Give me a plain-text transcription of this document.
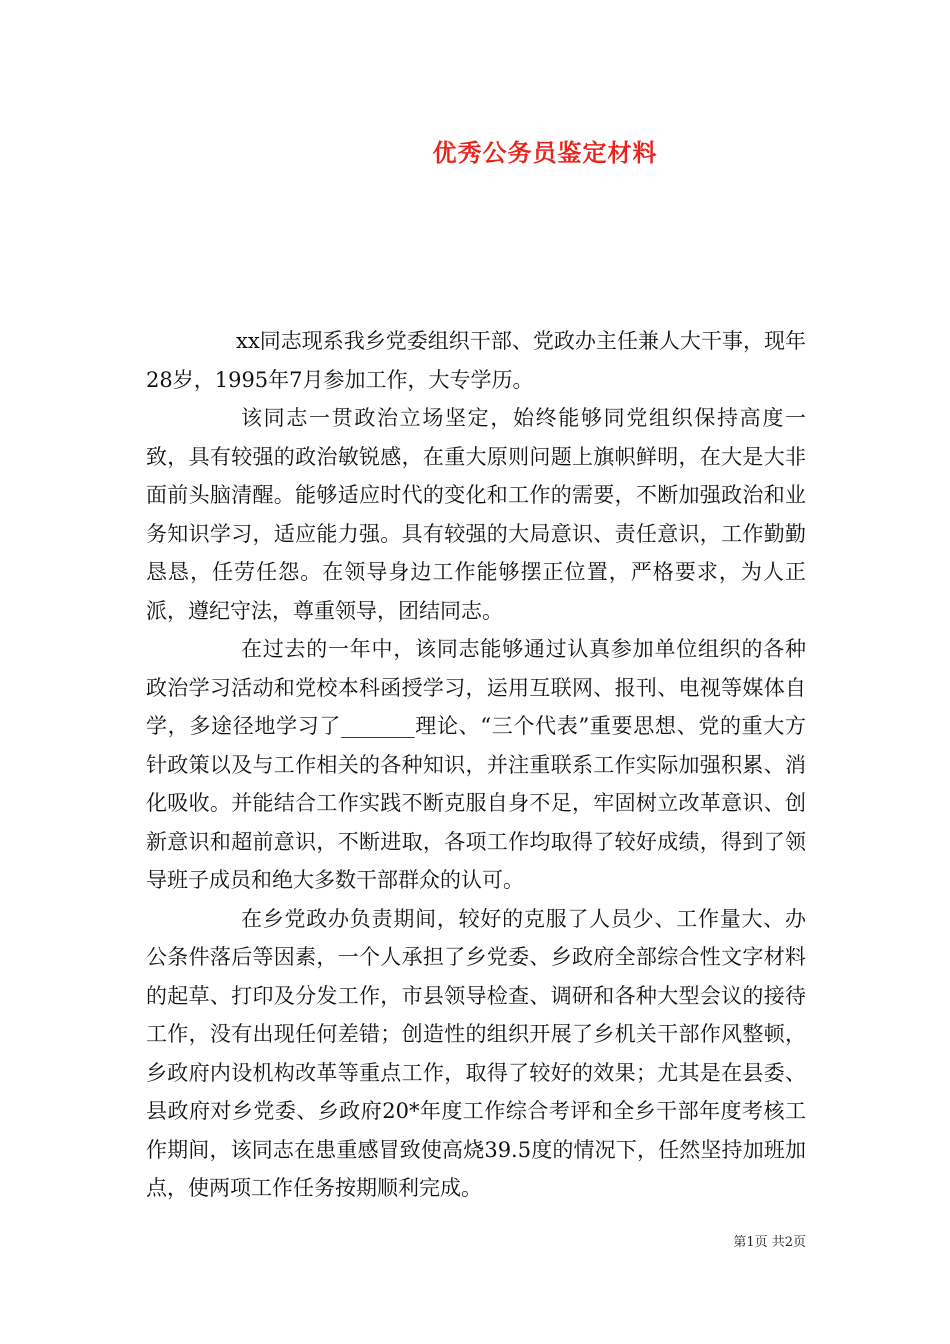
优秀公务员鉴定材料

xx同志现系我乡党委组织干部、党政办主任兼人大干事，现年28岁，1995年7月参加工作，大专学历。

该同志一贯政治立场坚定，始终能够同党组织保持高度一致，具有较强的政治敏锐感，在重大原则问题上旗帜鲜明，在大是大非面前头脑清醒。能够适应时代的变化和工作的需要，不断加强政治和业务知识学习，适应能力强。具有较强的大局意识、责任意识，工作勤勤恳恳，任劳任怨。在领导身边工作能够摆正位置，严格要求，为人正派，遵纪守法，尊重领导，团结同志。

在过去的一年中，该同志能够通过认真参加单位组织的各种政治学习活动和党校本科函授学习，运用互联网、报刊、电视等媒体自学，多途径地学习了_______理论、“三个代表”重要思想、党的重大方针政策以及与工作相关的各种知识，并注重联系工作实际加强积累、消化吸收。并能结合工作实践不断克服自身不足，牢固树立改革意识、创新意识和超前意识，不断进取，各项工作均取得了较好成绩，得到了领导班子成员和绝大多数干部群众的认可。

在乡党政办负责期间，较好的克服了人员少、工作量大、办公条件落后等因素，一个人承担了乡党委、乡政府全部综合性文字材料的起草、打印及分发工作，市县领导检查、调研和各种大型会议的接待工作，没有出现任何差错；创造性的组织开展了乡机关干部作风整顿，乡政府内设机构改革等重点工作，取得了较好的效果；尤其是在县委、县政府对乡党委、乡政府20*年度工作综合考评和全乡干部年度考核工作期间，该同志在患重感冒致使高烧39.5度的情况下，任然坚持加班加点，使两项工作任务按期顺利完成。

第1页 共2页
